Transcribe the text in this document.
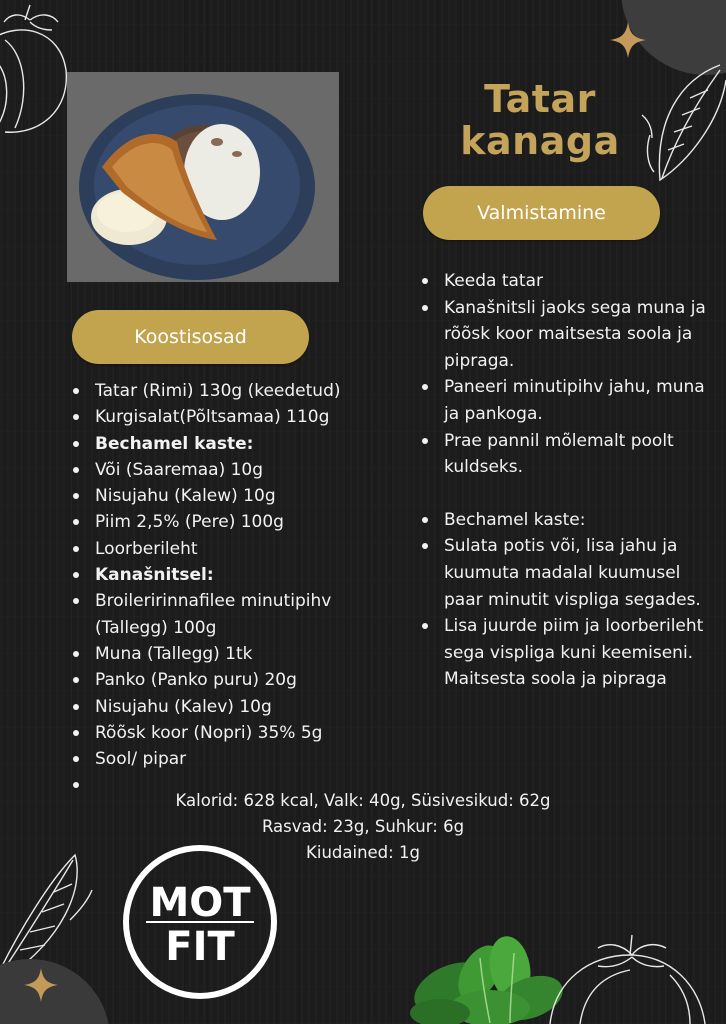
Tatar
kanaga
Valmistamine
Koostisosad
Tatar (Rimi) 130g (keedetud)
Kurgisalat(Põltsamaa) 110g
Bechamel kaste:
Või (Saaremaa) 10g
Nisujahu (Kalew) 10g
Piim 2,5% (Pere) 100g
Loorberileht
Kanašnitsel:
Broileririnnafilee minutipihv (Tallegg) 100g
Muna (Tallegg) 1tk
Panko (Panko puru) 20g
Nisujahu (Kalev) 10g
Rõõsk koor (Nopri) 35% 5g
Sool/ pipar

Keeda tatar
Kanašnitsli jaoks sega muna ja rõõsk koor maitsesta soola ja pipraga.
Paneeri minutipihv jahu, muna ja pankoga.
Prae pannil mõlemalt poolt kuldseks.
Bechamel kaste:
Sulata potis või, lisa jahu ja kuumuta madalal kuumusel paar minutit vispliga segades.
Lisa juurde piim ja loorberileht sega vispliga kuni keemiseni. Maitsesta soola ja pipraga
Kalorid: 628 kcal, Valk: 40g, Süsivesikud: 62g
Rasvad: 23g, Suhkur: 6g
Kiudained: 1g
MOT
FIT
